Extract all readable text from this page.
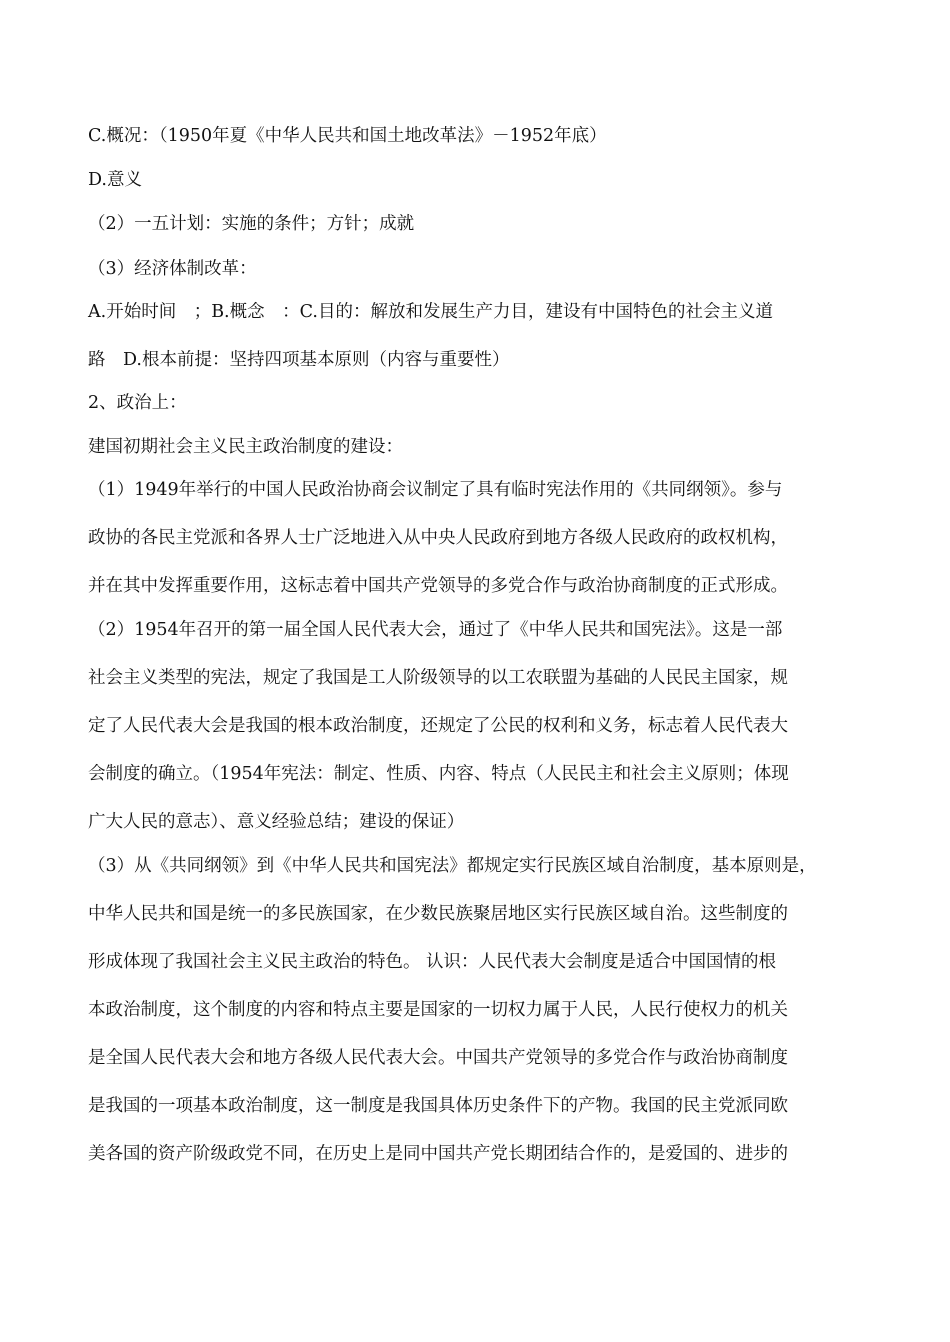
C.概况：（1950年夏《中华人民共和国土地改革法》－1952年底）
D.意义
（2）一五计划：实施的条件；方针；成就
（3）经济体制改革：
A.开始时间　；B.概念　：C.目的：解放和发展生产力目，建设有中国特色的社会主义道
路　D.根本前提：坚持四项基本原则（内容与重要性）
2、政治上：
建国初期社会主义民主政治制度的建设：
（1）1949年举行的中国人民政治协商会议制定了具有临时宪法作用的《共同纲领》。参与
政协的各民主党派和各界人士广泛地进入从中央人民政府到地方各级人民政府的政权机构，
并在其中发挥重要作用，这标志着中国共产党领导的多党合作与政治协商制度的正式形成。
（2）1954年召开的第一届全国人民代表大会，通过了《中华人民共和国宪法》。这是一部
社会主义类型的宪法，规定了我国是工人阶级领导的以工农联盟为基础的人民民主国家，规
定了人民代表大会是我国的根本政治制度，还规定了公民的权利和义务，标志着人民代表大
会制度的确立。（1954年宪法：制定、性质、内容、特点（人民民主和社会主义原则；体现
广大人民的意志）、意义经验总结；建设的保证）
（3）从《共同纲领》到《中华人民共和国宪法》都规定实行民族区域自治制度，基本原则是，
中华人民共和国是统一的多民族国家，在少数民族聚居地区实行民族区域自治。这些制度的
形成体现了我国社会主义民主政治的特色。 认识：人民代表大会制度是适合中国国情的根
本政治制度，这个制度的内容和特点主要是国家的一切权力属于人民，人民行使权力的机关
是全国人民代表大会和地方各级人民代表大会。中国共产党领导的多党合作与政治协商制度
是我国的一项基本政治制度，这一制度是我国具体历史条件下的产物。我国的民主党派同欧
美各国的资产阶级政党不同，在历史上是同中国共产党长期团结合作的，是爱国的、进步的
